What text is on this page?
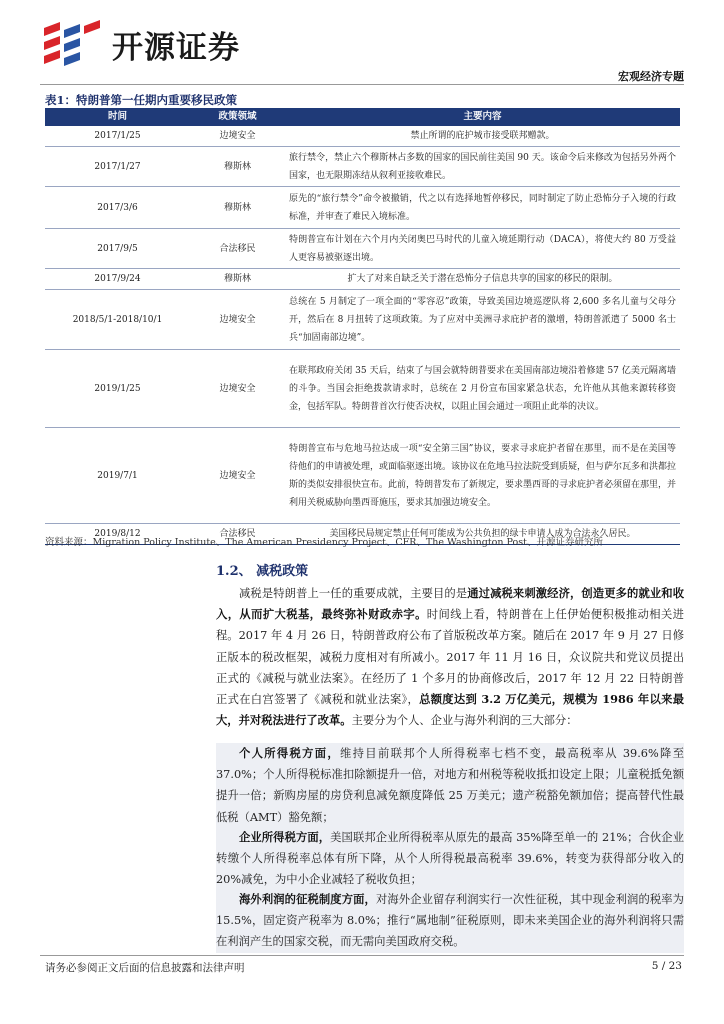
开源证券
宏观经济专题
表1：特朗普第一任期内重要移民政策
时间	政策领域	主要内容
2017/1/25	边境安全	禁止所谓的庇护城市接受联邦赠款。
2017/1/27	穆斯林	旅行禁令，禁止六个穆斯林占多数的国家的国民前往美国 90 天。该命令后来修改为包括另外两个国家，也无限期冻结从叙利亚接收难民。
2017/3/6	穆斯林	原先的“旅行禁令”命令被撤销，代之以有选择地暂停移民，同时制定了防止恐怖分子入境的行政标准，并审查了难民入境标准。
2017/9/5	合法移民	特朗普宣布计划在六个月内关闭奥巴马时代的儿童入境延期行动（DACA），将使大约 80 万受益人更容易被驱逐出境。
2017/9/24	穆斯林	扩大了对来自缺乏关于潜在恐怖分子信息共享的国家的移民的限制。
2018/5/1-2018/10/1	边境安全	总统在 5 月制定了一项全面的“零容忍”政策，导致美国边境巡逻队将 2,600 多名儿童与父母分开，然后在 8 月扭转了这项政策。为了应对中美洲寻求庇护者的激增，特朗普派遣了 5000 名士兵“加固南部边境”。
2019/1/25	边境安全	在联邦政府关闭 35 天后，结束了与国会就特朗普要求在美国南部边境沿着修建 57 亿美元隔离墙的斗争。当国会拒绝拨款请求时，总统在 2 月份宣布国家紧急状态，允许他从其他来源转移资金，包括军队。特朗普首次行使否决权，以阻止国会通过一项阻止此举的决议。
2019/7/1	边境安全	特朗普宣布与危地马拉达成一项“安全第三国”协议，要求寻求庇护者留在那里，而不是在美国等待他们的申请被处理，或面临驱逐出境。该协议在危地马拉法院受到质疑，但与萨尔瓦多和洪都拉斯的类似安排很快宣布。此前，特朗普发布了新规定，要求墨西哥的寻求庇护者必须留在那里，并利用关税威胁向墨西哥施压，要求其加强边境安全。
2019/8/12	合法移民	美国移民局规定禁止任何可能成为公共负担的绿卡申请人成为合法永久居民。
资料来源：Migration Policy Institute、The American Presidency Project、CFR、The Washington Post、开源证券研究所
1.2、 减税政策
减税是特朗普上一任的重要成就，主要目的是通过减税来刺激经济，创造更多的就业和收入，从而扩大税基，最终弥补财政赤字。时间线上看，特朗普在上任伊始便积极推动相关进程。2017 年 4 月 26 日，特朗普政府公布了首版税改革方案。随后在 2017 年 9 月 27 日修正版本的税改框架，减税力度相对有所减小。2017 年 11 月 16 日，众议院共和党议员提出正式的《减税与就业法案》。在经历了 1 个多月的协商修改后，2017 年 12 月 22 日特朗普正式在白宫签署了《减税和就业法案》，总额度达到 3.2 万亿美元，规模为 1986 年以来最大，并对税法进行了改革。主要分为个人、企业与海外利润的三大部分：
个人所得税方面，维持目前联邦个人所得税率七档不变，最高税率从 39.6%降至 37.0%；个人所得税标准扣除额提升一倍，对地方和州税等税收抵扣设定上限；儿童税抵免额提升一倍；新购房屋的房贷利息减免额度降低 25 万美元；遗产税豁免额加倍；提高替代性最低税（AMT）豁免额；
企业所得税方面，美国联邦企业所得税率从原先的最高 35%降至单一的 21%；合伙企业转缴个人所得税率总体有所下降，从个人所得税最高税率 39.6%，转变为获得部分收入的 20%减免，为中小企业减轻了税收负担；
海外利润的征税制度方面，对海外企业留存利润实行一次性征税，其中现金利润的税率为 15.5%，固定资产税率为 8.0%；推行“属地制”征税原则，即未来美国企业的海外利润将只需在利润产生的国家交税，而无需向美国政府交税。
请务必参阅正文后面的信息披露和法律声明	5 / 23
